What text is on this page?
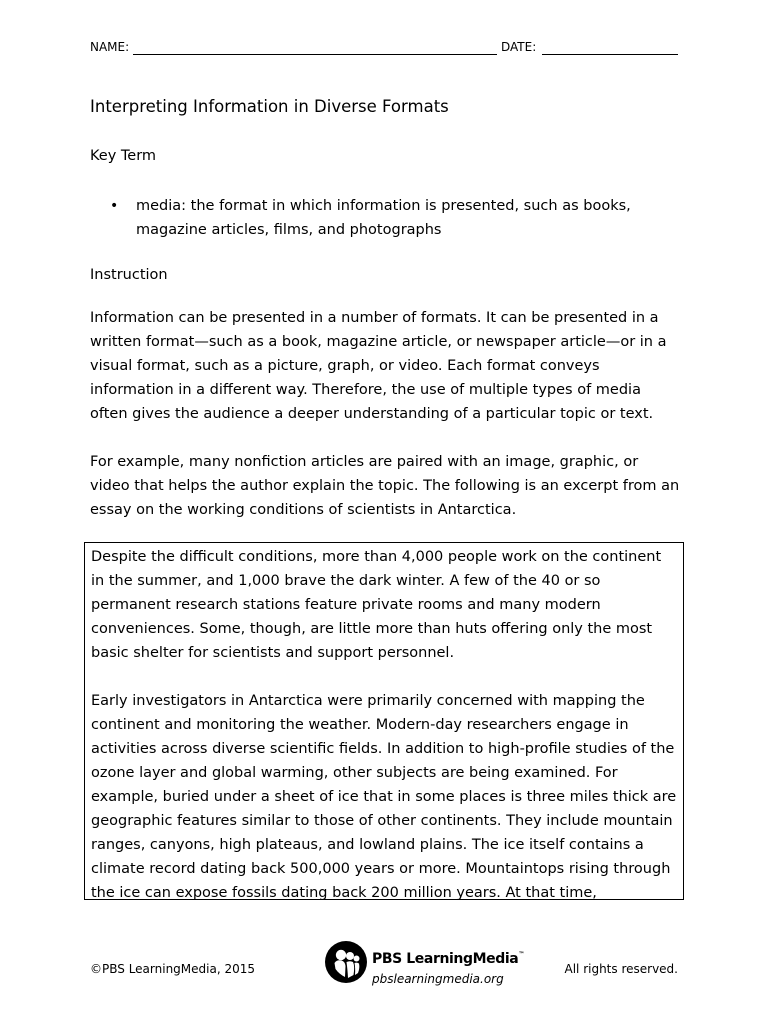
NAME:	DATE:
Interpreting Information in Diverse Formats
Key Term
• media: the format in which information is presented, such as books, magazine articles, films, and photographs
Instruction

Information can be presented in a number of formats. It can be presented in a written format—such as a book, magazine article, or newspaper article—or in a visual format, such as a picture, graph, or video. Each format conveys information in a different way. Therefore, the use of multiple types of media often gives the audience a deeper understanding of a particular topic or text.

For example, many nonfiction articles are paired with an image, graphic, or video that helps the author explain the topic. The following is an excerpt from an essay on the working conditions of scientists in Antarctica.

Despite the difficult conditions, more than 4,000 people work on the continent in the summer, and 1,000 brave the dark winter. A few of the 40 or so permanent research stations feature private rooms and many modern conveniences. Some, though, are little more than huts offering only the most basic shelter for scientists and support personnel.

Early investigators in Antarctica were primarily concerned with mapping the continent and monitoring the weather. Modern-day researchers engage in activities across diverse scientific fields. In addition to high-profile studies of the ozone layer and global warming, other subjects are being examined. For example, buried under a sheet of ice that in some places is three miles thick are geographic features similar to those of other continents. They include mountain ranges, canyons, high plateaus, and lowland plains. The ice itself contains a climate record dating back 500,000 years or more. Mountaintops rising through the ice can expose fossils dating back 200 million years. At that time,

©PBS LearningMedia, 2015
PBS LearningMedia™
pbslearningmedia.org
All rights reserved.
